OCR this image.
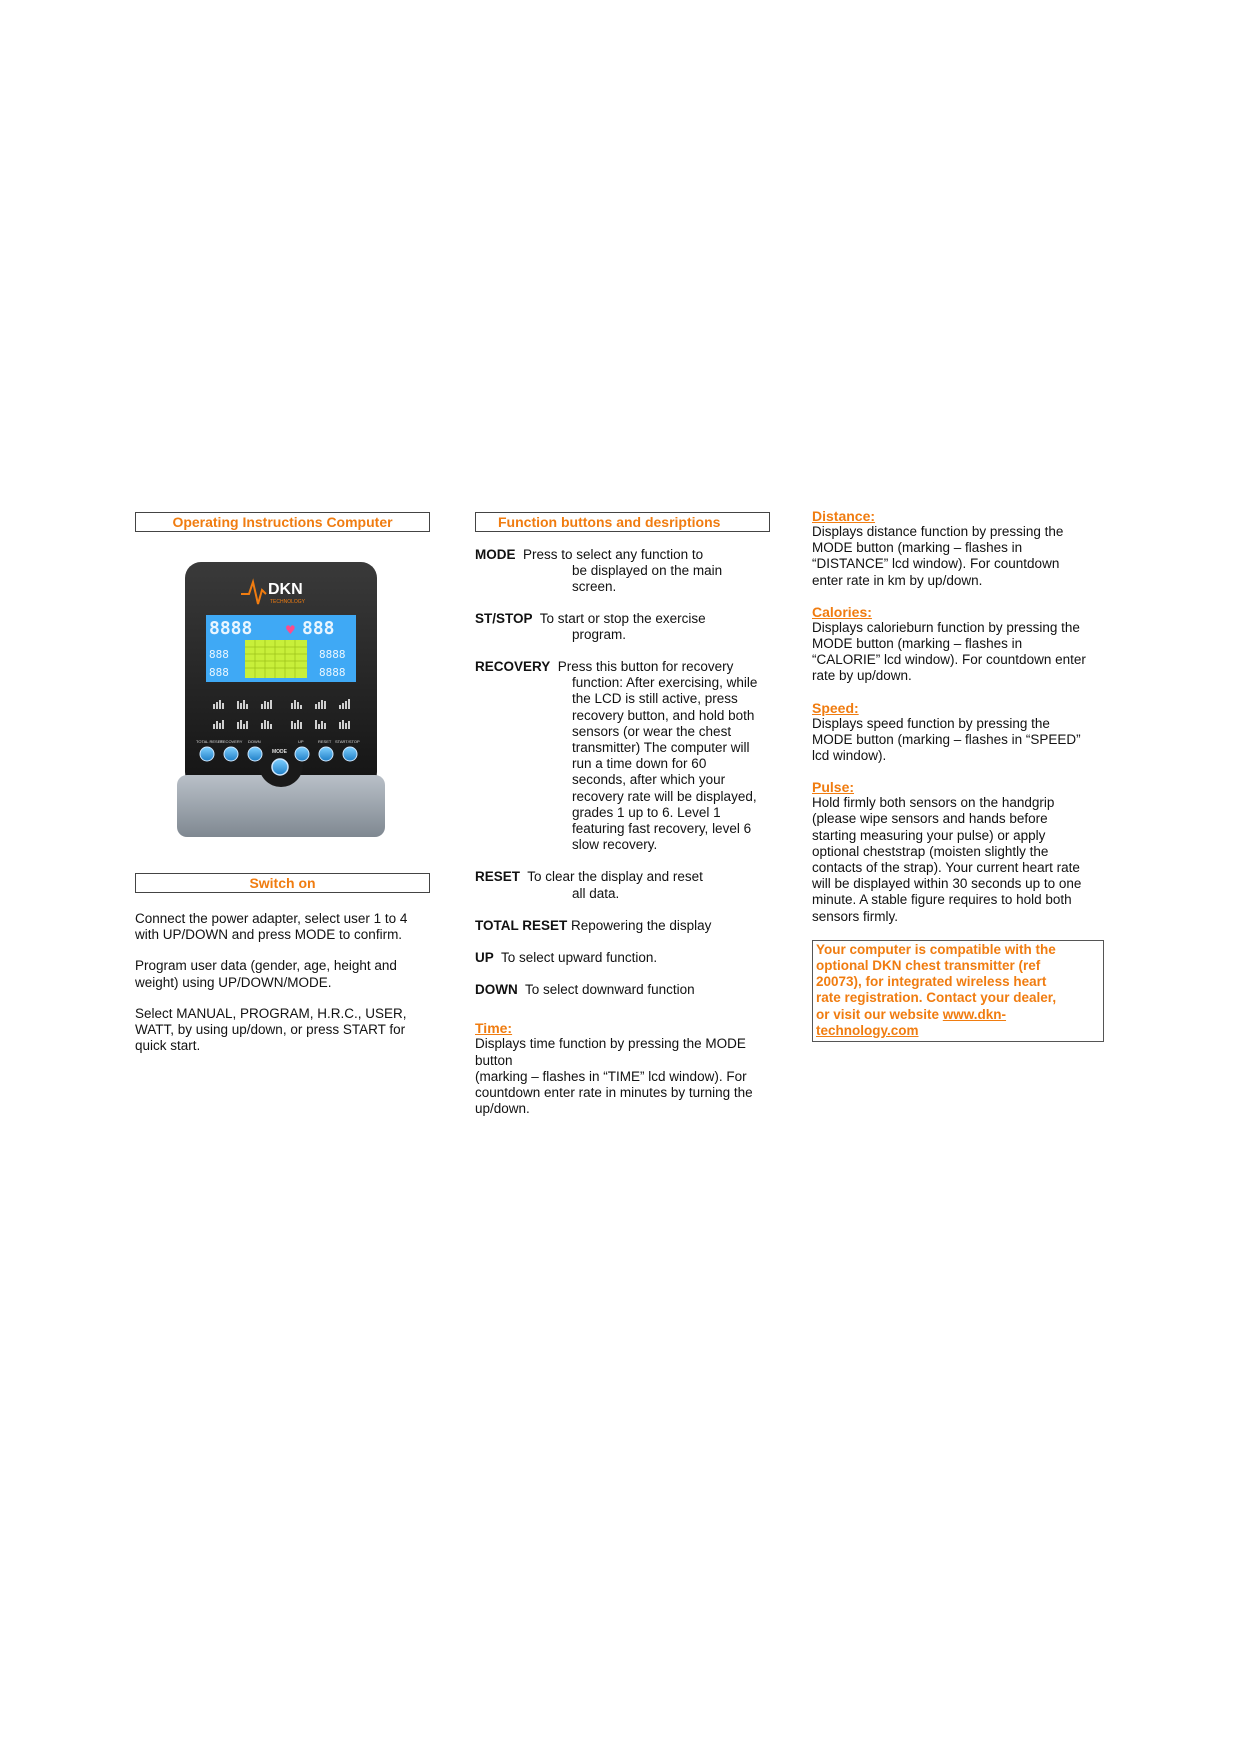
Operating Instructions Computer
DKN
TECHNOLOGY
8888	♥ 888
888
888
8888
8888
TOTAL RESET
RECOVERY DOWN	UP	RESET START/STOP
MODE
Switch on

Connect the power adapter, select user 1 to 4
with UP/DOWN and press MODE to confirm.

Program user data (gender, age, height and
weight) using UP/DOWN/MODE.

Select MANUAL, PROGRAM, H.R.C., USER,
WATT, by using up/down, or press START for
quick start.

Function buttons and desriptions
MODE Press to select any function to
be displayed on the main
screen.
ST/STOP To start or stop the exercise
program.
RECOVERY Press this button for recovery
function: After exercising, while
the LCD is still active, press
recovery button, and hold both
sensors (or wear the chest
transmitter) The computer will
run a time down for 60
seconds, after which your
recovery rate will be displayed,
grades 1 up to 6. Level 1
featuring fast recovery, level 6
slow recovery.
RESET To clear the display and reset
all data.
TOTAL RESET Repowering the display
UP To select upward function.
DOWN To select downward function
Time:
Displays time function by pressing the MODE
button
(marking – flashes in “TIME” lcd window). For
countdown enter rate in minutes by turning the
up/down.
Distance:
Displays distance function by pressing the
MODE button (marking – flashes in
“DISTANCE” lcd window). For countdown
enter rate in km by up/down.
Calories:
Displays calorieburn function by pressing the
MODE button (marking – flashes in
“CALORIE” lcd window). For countdown enter
rate by up/down.
Speed:
Displays speed function by pressing the
MODE button (marking – flashes in “SPEED”
lcd window).
Pulse:
Hold firmly both sensors on the handgrip
(please wipe sensors and hands before
starting measuring your pulse) or apply
optional cheststrap (moisten slightly the
contacts of the strap). Your current heart rate
will be displayed within 30 seconds up to one
minute. A stable figure requires to hold both
sensors firmly.
Your computer is compatible with the
optional DKN chest transmitter (ref
20073), for integrated wireless heart
rate registration. Contact your dealer,
or visit our website www.dkn-
technology.com
